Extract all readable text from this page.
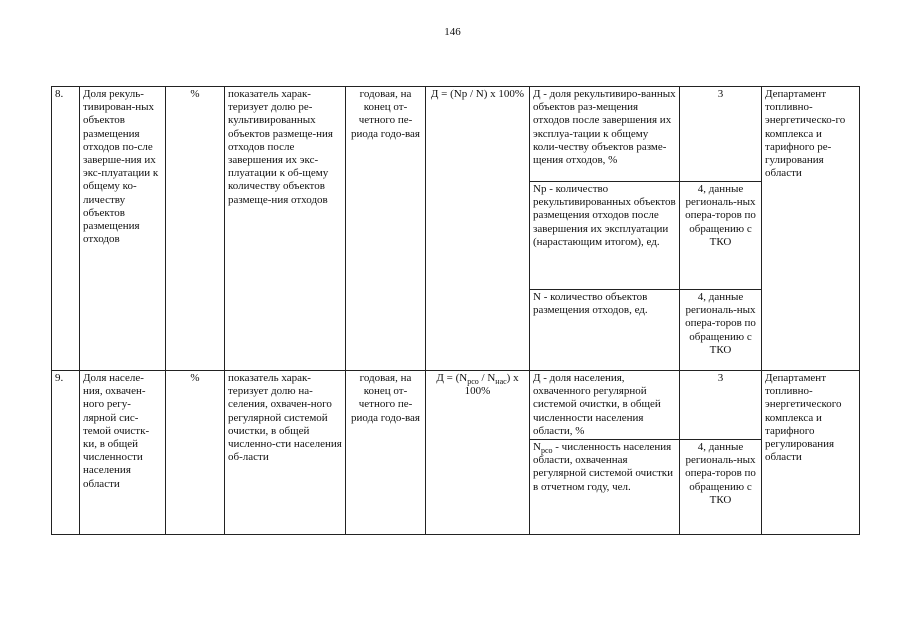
146
8.	Доля рекуль-тивирован-ных объектов размещения отходов по-сле заверше-ния их экс-плуатации к общему ко-личеству объектов размещения отходов	%	показатель харак-теризует долю ре-культивированных объектов размеще-ния отходов после завершения их экс-плуатации к об-щему количеству объектов размеще-ния отходов	годовая, на конец от-четного пе-риода годо-вая	Д = (Np / N) x 100%	Д - доля рекультивиро-ванных объектов раз-мещения отходов после завершения их эксплуа-тации к общему коли-честву объектов разме-щения отходов, %	3	Департамент топливно-энергетическо-го комплекса и тарифного ре-гулирования области
						Np - количество рекультивированных объектов размещения отходов после завершения их эксплуатации (нарастающим итогом), ед.	4, данные региональ-ных опера-торов по обращению с ТКО	
						N - количество объектов размещения отходов, ед.	4, данные региональ-ных опера-торов по обращению с ТКО	
9.	Доля населе-ния, охвачен-ного регу-лярной сис-темой очистк-ки, в общей численности населения области	%	показатель харак-теризует долю на-селения, охвачен-ного регулярной системой очистки, в общей численно-сти населения об-ласти	годовая, на конец от-четного пе-риода годо-вая	$Д = (N_{рсо} / N_{нас})$ x 100%	Д - доля населения, охваченного регулярной системой очистки, в общей численности населения области, %	3	Департамент топливно-энергетического комплекса и тарифного регулирования области
						$N_{рсо}$ - численность населения области, охваченная регулярной системой очистки в отчетном году, чел.	4, данные региональ-ных опера-торов по обращению с ТКО	
